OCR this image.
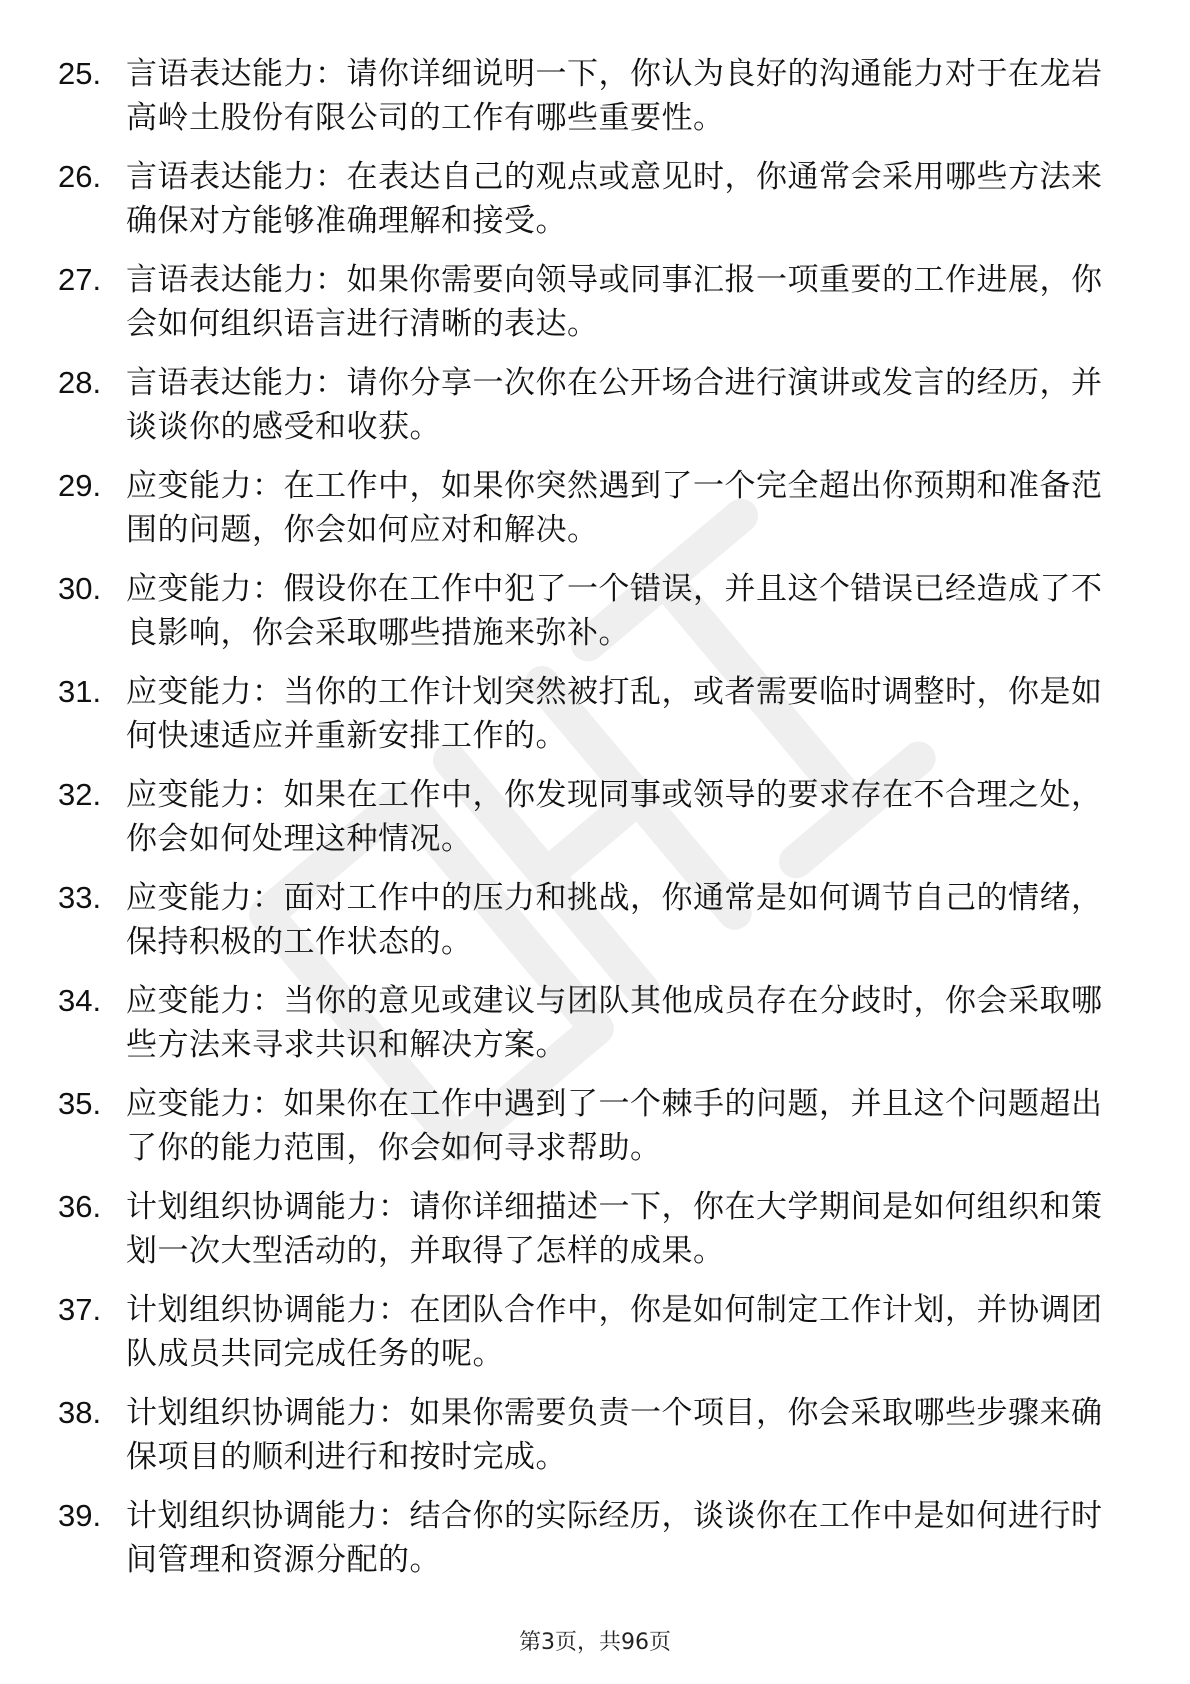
25. 言语表达能力：请你详细说明一下，你认为良好的沟通能力对于在龙岩高岭土股份有限公司的工作有哪些重要性。
26. 言语表达能力：在表达自己的观点或意见时，你通常会采用哪些方法来确保对方能够准确理解和接受。
27. 言语表达能力：如果你需要向领导或同事汇报一项重要的工作进展，你会如何组织语言进行清晰的表达。
28. 言语表达能力：请你分享一次你在公开场合进行演讲或发言的经历，并谈谈你的感受和收获。
29. 应变能力：在工作中，如果你突然遇到了一个完全超出你预期和准备范围的问题，你会如何应对和解决。
30. 应变能力：假设你在工作中犯了一个错误，并且这个错误已经造成了不良影响，你会采取哪些措施来弥补。
31. 应变能力：当你的工作计划突然被打乱，或者需要临时调整时，你是如何快速适应并重新安排工作的。
32. 应变能力：如果在工作中，你发现同事或领导的要求存在不合理之处，你会如何处理这种情况。
33. 应变能力：面对工作中的压力和挑战，你通常是如何调节自己的情绪，保持积极的工作状态的。
34. 应变能力：当你的意见或建议与团队其他成员存在分歧时，你会采取哪些方法来寻求共识和解决方案。
35. 应变能力：如果你在工作中遇到了一个棘手的问题，并且这个问题超出了你的能力范围，你会如何寻求帮助。
36. 计划组织协调能力：请你详细描述一下，你在大学期间是如何组织和策划一次大型活动的，并取得了怎样的成果。
37. 计划组织协调能力：在团队合作中，你是如何制定工作计划，并协调团队成员共同完成任务的呢。
38. 计划组织协调能力：如果你需要负责一个项目，你会采取哪些步骤来确保项目的顺利进行和按时完成。
39. 计划组织协调能力：结合你的实际经历，谈谈你在工作中是如何进行时间管理和资源分配的。
第3页，共96页
